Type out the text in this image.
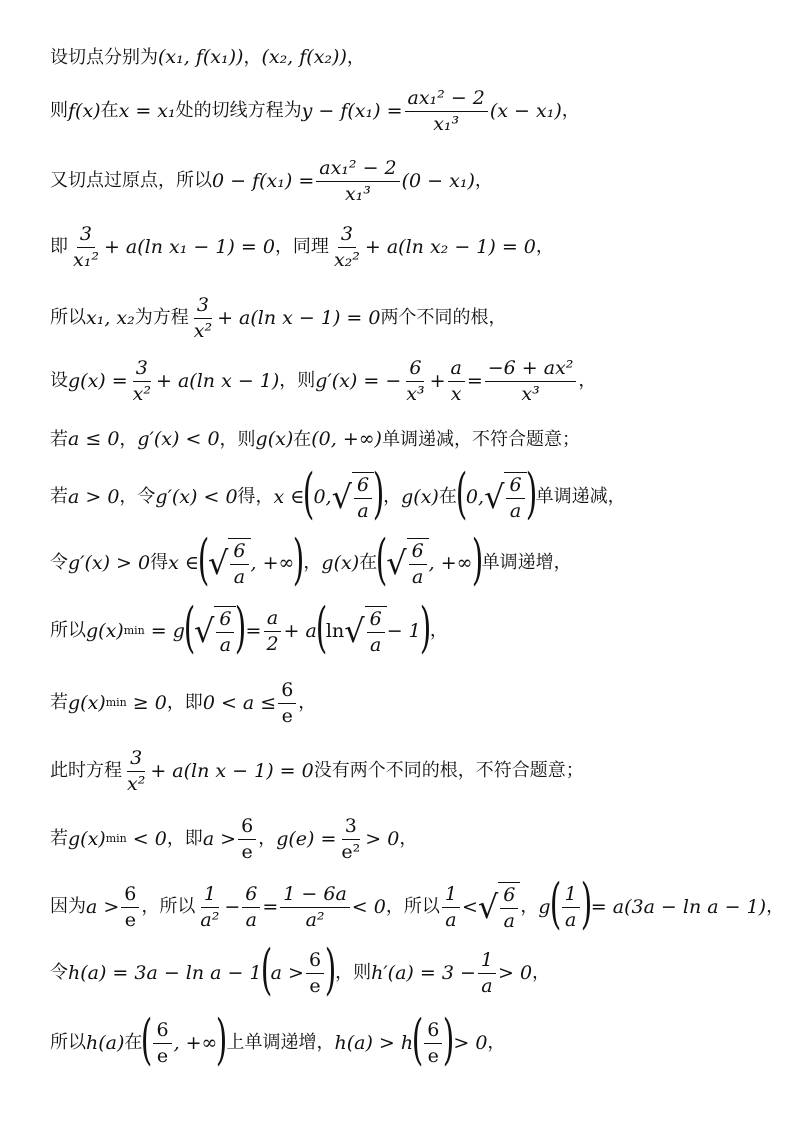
设切点分别为 (x₁, f(x₁)) ， (x₂, f(x₂)) ，
则 f(x) 在 x = x₁ 处的切线方程为 $y - f(x_1) = \frac{\text{ax₁² − 2}}{\text{x₁³}} (x - x_1)$ ，
又切点过原点，所以 $0 - f(x_1) = \frac{\text{ax₁² − 2}}{\text{x₁³}} (0 - x_1)$ ，
即 $\frac{3}{\text{x₁²}} + a(\ln$ x₁ − 1) = 0 ，同理 $\frac{3}{\text{x₂²}} + a(\ln$ x₂ − 1) = 0 ，
所以 x₁, x₂ 为方程 $\frac{3}{\text{x²}} + a(\ln$ x − 1) = 0 两个不同的根，
设 $g(x) = \frac{3}{\text{x²}} + a(\ln$ x − 1) ，则 g′(x) = − $\frac{6}{\text{x³}} + \frac{a}{x} = \frac{\text{−6 + ax²}}{\text{x³}}$ ，
若 a ≤ 0 ， g′(x) < 0 ，则 g(x) 在 (0, +∞) 单调递减，不符合题意；
若 a > 0 ，令 g′(x) < 0 得， x ∈
(
0, √ $\frac{6}{a}$ )
， g(x) 在
(
0, √ $\frac{6}{a}$ )
单调递减，
令 g′(x) > 0 得 x ∈
(
√ $\frac{6}{a}$ , +∞
)
， g(x) 在
(
√ $\frac{6}{a}$ , +∞
)
单调递增，
所以 g(x) min = g
(
√ $\frac{6}{a}$ )
= $\frac{a}{2} + a$
(
ln √ $\frac{6}{a} - 1$
)
，
若 g(x) min ≥ 0 ，即 $0 < a \le \frac{6}{e}$ ，
此时方程 $\frac{3}{\text{x²}} + a(\ln$ x − 1) = 0 没有两个不同的根，不符合题意；
若 g(x) min < 0 ，即 $a > \frac{6}{e}$ ， $g(e) = \frac{3}{\text{e²}} > 0$ ，
因为 $a > \frac{6}{e}$ ，所以 $\frac{1}{\text{a²}} - \frac{6}{a} = \frac{1 - 6a}{\text{a²}} < 0$ ，所以 $\frac{1}{a}$ < √ $\frac{6}{a}$ ， g
( $\frac{1}{a}$ )
= a(3a − ln a − 1) ，
令 h(a) = 3a − ln a − 1
(
$a > \frac{6}{e}$ )
，则 $h'(a) = 3 - \frac{1}{a} > 0$ ，
所以 h(a) 在
( $\frac{6}{e}$ , +∞
)
上单调递增， h(a) > h
( $\frac{6}{e}$ )
> 0 ，
